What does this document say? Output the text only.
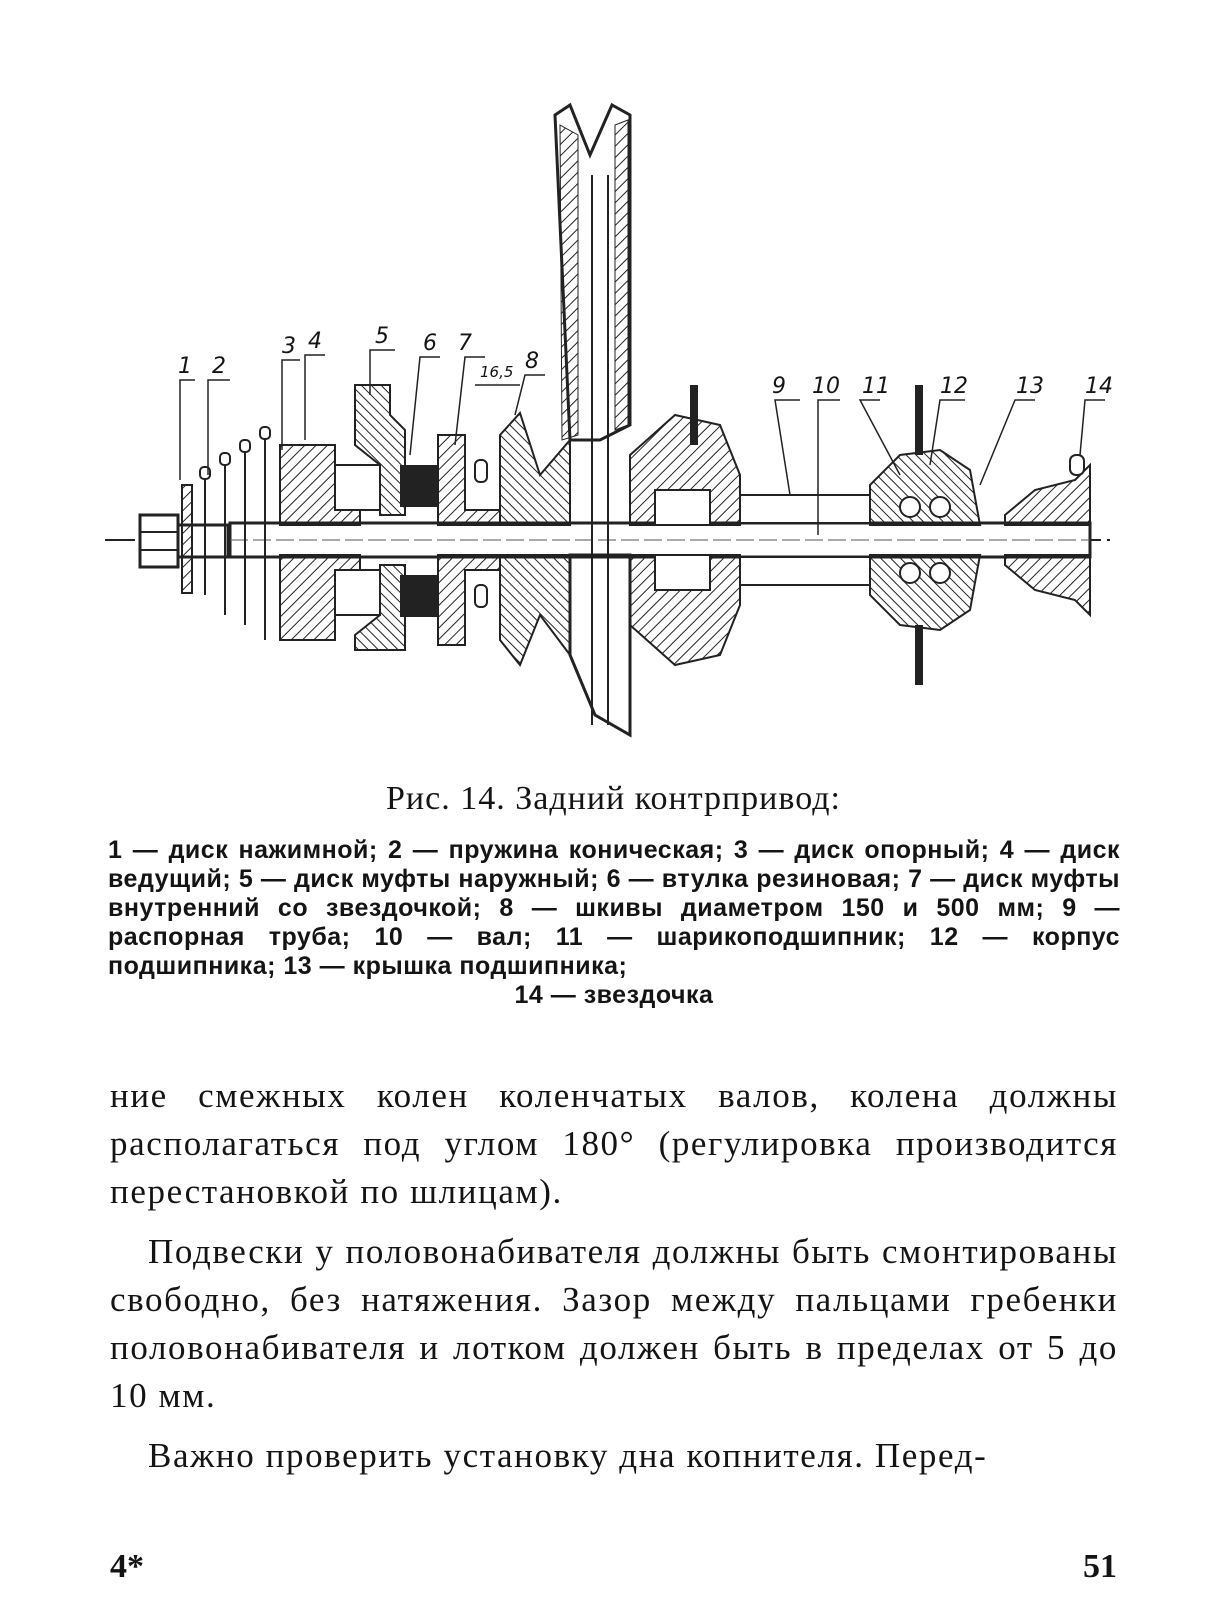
1 2
3 4 5 6 7
16,5 8
9 10 11 12 13 14
Рис. 14. Задний контрпривод:
1 — диск нажимной; 2 — пружина коническая; 3 — диск опорный; 4 — диск ведущий; 5 — диск муфты наружный; 6 — втулка резиновая; 7 — диск муфты внутренний со звездочкой; 8 — шкивы диаметром 150 и 500 мм; 9 — распорная труба; 10 — вал; 11 — шарикоподшипник; 12 — корпус подшипника; 13 — крышка подшипника;
14 — звездочка

ние смежных колен коленчатых валов, колена должны располагаться под углом 180° (регулировка производится перестановкой по шлицам).

Подвески у половонабивателя должны быть смонтированы свободно, без натяжения. Зазор между пальцами гребенки половонабивателя и лотком должен быть в пределах от 5 до 10 мм.

Важно проверить установку дна копнителя. Перед-

4*	51
